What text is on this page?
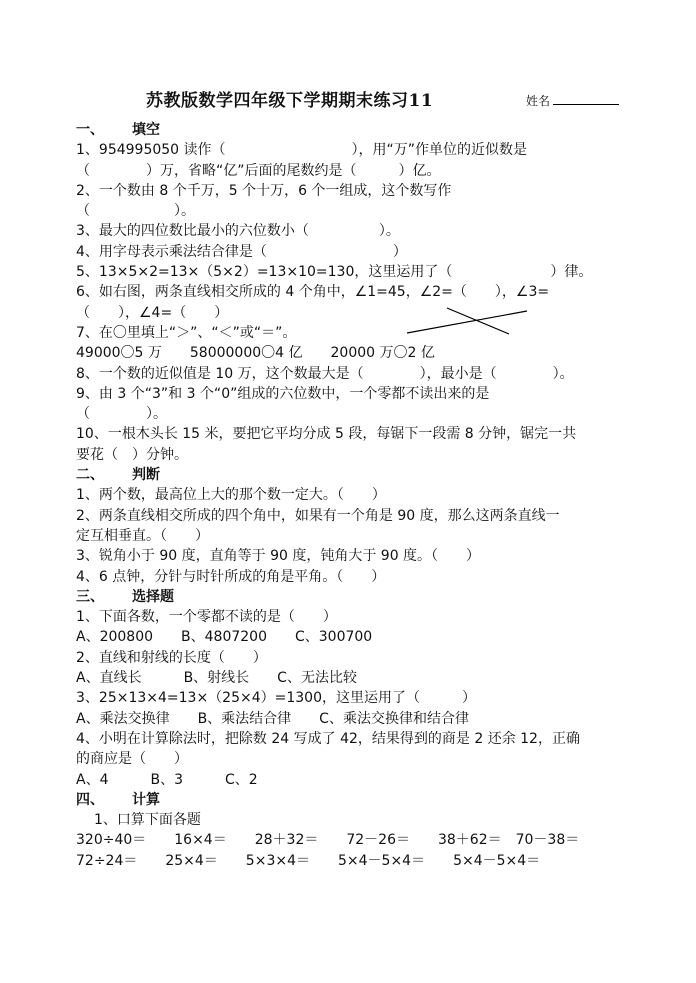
苏教版数学四年级下学期期末练习11	姓名
一、 填空
1、954995050 读作（　　　　　　　　　），用“万”作单位的近似数是
（　　　　）万，省略“亿”后面的尾数约是（　　　）亿。
2、一个数由 8 个千万，5 个十万，6 个一组成，这个数写作
（　　　　　　）。
3、最大的四位数比最小的六位数小（　　　　　）。
4、用字母表示乘法结合律是（　　　　　　　　　）
5、13×5×2=13×（5×2）=13×10=130，这里运用了（　　　　　　　）律。
6、如右图，两条直线相交所成的 4 个角中，∠1=45，∠2=（　　），∠3=
（　　），∠4=（　　）
7、在〇里填上“＞”、“＜”或“＝”。
49000〇5 万　　58000000〇4 亿　　20000 万〇2 亿
8、一个数的近似值是 10 万，这个数最大是（　　　　），最小是（　　　　）。
9、由 3 个“3”和 3 个“0”组成的六位数中，一个零都不读出来的是
（　　　　）。
10、一根木头长 15 米，要把它平均分成 5 段，每锯下一段需 8 分钟，锯完一共
要花（　）分钟。
二、 判断
1、两个数，最高位上大的那个数一定大。（　　）
2、两条直线相交所成的四个角中，如果有一个角是 90 度，那么这两条直线一
定互相垂直。（　　）
3、锐角小于 90 度，直角等于 90 度，钝角大于 90 度。（　　）
4、6 点钟，分针与时针所成的角是平角。（　　）
三、 选择题
1、下面各数，一个零都不读的是（　　）
A、200800　　B、4807200　　C、300700
2、直线和射线的长度（　　）
A、直线长　　　B、射线长　　C、无法比较
3、25×13×4=13×（25×4）=1300，这里运用了（　　　）
A、乘法交换律　　B、乘法结合律　　C、乘法交换律和结合律
4、小明在计算除法时，把除数 24 写成了 42，结果得到的商是 2 还余 12，正确
的商应是（　　）
A、4　　　B、3　　　C、2
四、 计算
1、口算下面各题
320÷40＝　　16×4＝　　28＋32＝　　72－26＝　　38＋62＝　70－38＝
72÷24＝　　25×4＝　　5×3×4＝　　5×4－5×4＝　　5×4－5×4＝
